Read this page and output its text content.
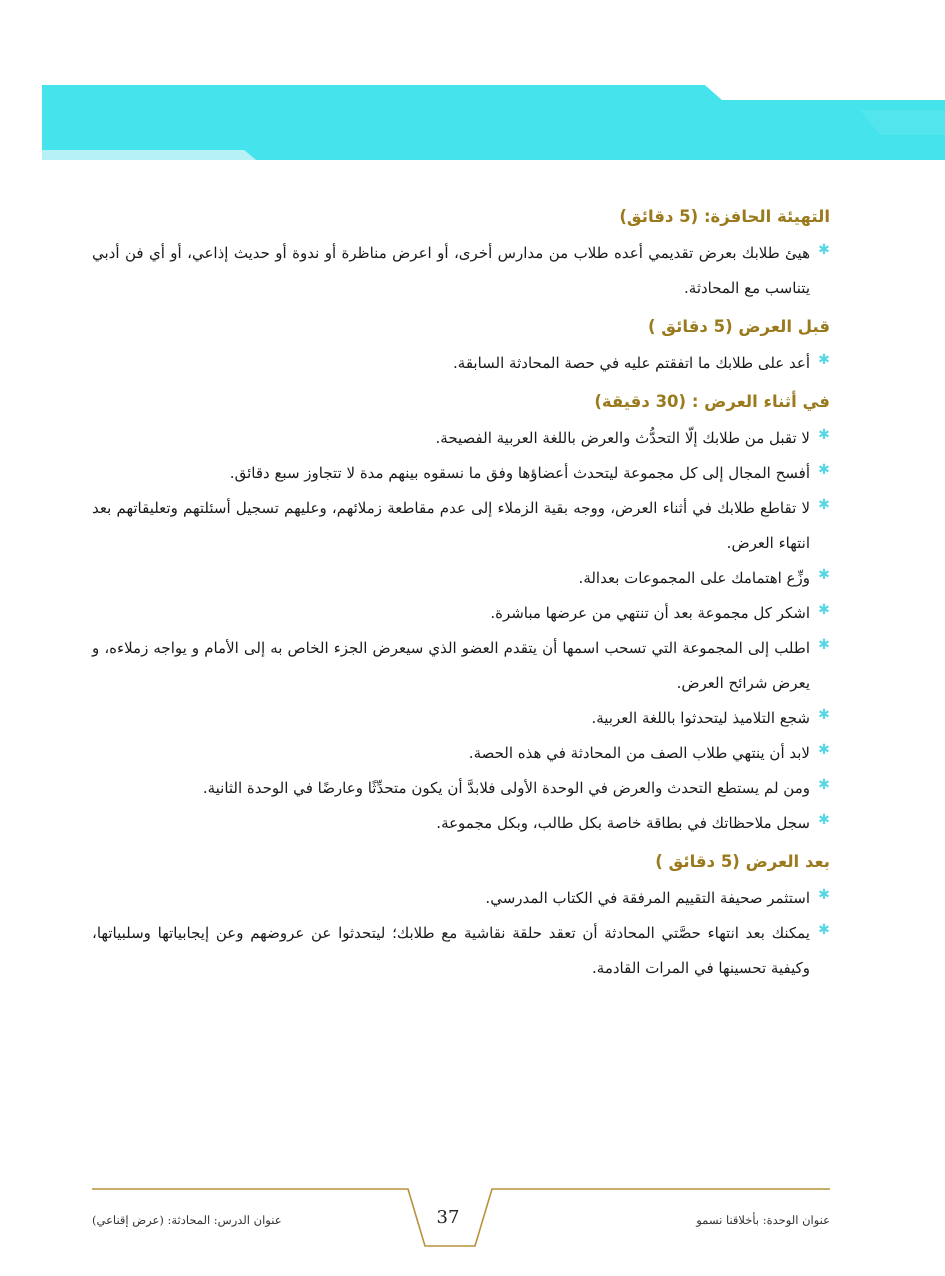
التهيئة الحافزة: (5 دقائق)
✱
هيئ طلابك بعرض تقديمي أعده طلاب من مدارس أخرى، أو اعرض مناظرة أو ندوة أو حديث إذاعي، أو أي فن أدبي يتناسب مع المحادثة.
قبل العرض (5 دقائق )
✱
أعد على طلابك ما اتفقتم عليه في حصة المحادثة السابقة.
في أثناء العرض : (30 دقيقة)
✱
لا تقبل من طلابك إلّا التحدُّث والعرض باللغة العربية الفصيحة.
✱
أفسح المجال إلى كل مجموعة ليتحدث أعضاؤها وفق ما نسقوه بينهم مدة لا تتجاوز سبع دقائق.
✱
لا تقاطع طلابك في أثناء العرض، ووجه بقية الزملاء إلى عدم مقاطعة زملائهم، وعليهم تسجيل أسئلتهم وتعليقاتهم بعد انتهاء العرض.
✱
وزِّع اهتمامك على المجموعات بعدالة.
✱
اشكر كل مجموعة بعد أن تنتهي من عرضها مباشرة.
✱
اطلب إلى المجموعة التي تسحب اسمها أن يتقدم العضو الذي سيعرض الجزء الخاص به إلى الأمام و يواجه زملاءه، و يعرض شرائح العرض.
✱
شجع التلاميذ ليتحدثوا باللغة العربية.
✱
لابد أن ينتهي طلاب الصف من المحادثة في هذه الحصة.
✱
ومن لم يستطع التحدث والعرض في الوحدة الأولى فلابدَّ أن يكون متحدِّثًا وعارضًا في الوحدة الثانية.
✱
سجل ملاحظاتك في بطاقة خاصة بكل طالب، وبكل مجموعة.
بعد العرض (5 دقائق )
✱
استثمر صحيفة التقييم المرفقة في الكتاب المدرسي.
✱
يمكنك بعد انتهاء حصَّتي المحادثة أن تعقد حلقة نقاشية مع طلابك؛ ليتحدثوا عن عروضهم وعن إيجابياتها وسلبياتها، وكيفية تحسينها في المرات القادمة.
37	عنوان الوحدة: بأخلاقنا نسمو
عنوان الدرس: المحادثة: (عرض إقناعي)
